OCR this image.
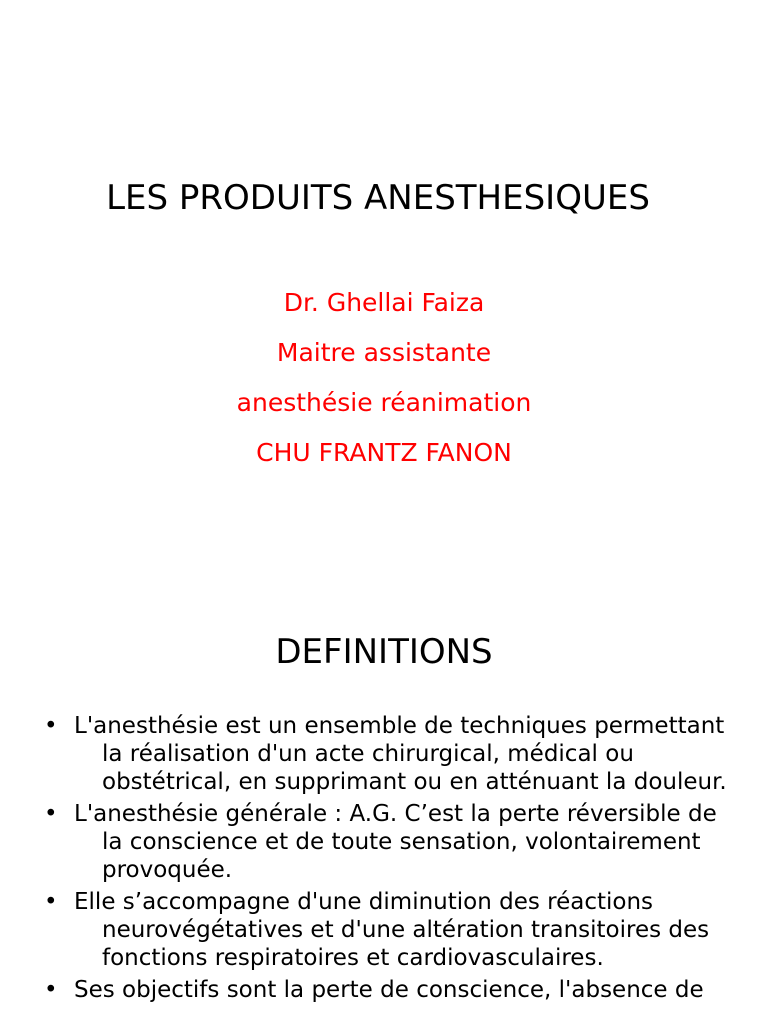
LES PRODUITS ANESTHESIQUES
Dr. Ghellai Faiza
Maitre assistante
anesthésie réanimation
CHU FRANTZ FANON
DEFINITIONS
• L'anesthésie est un ensemble de techniques permettant la réalisation d'un acte chirurgical, médical ou obstétrical, en supprimant ou en atténuant la douleur.
• L'anesthésie générale : A.G. C’est la perte réversible de la conscience et de toute sensation, volontairement provoquée.
• Elle s’accompagne d'une diminution des réactions neurovégétatives et d'une altération transitoires des fonctions respiratoires et cardiovasculaires.
• Ses objectifs sont la perte de conscience, l'absence de
